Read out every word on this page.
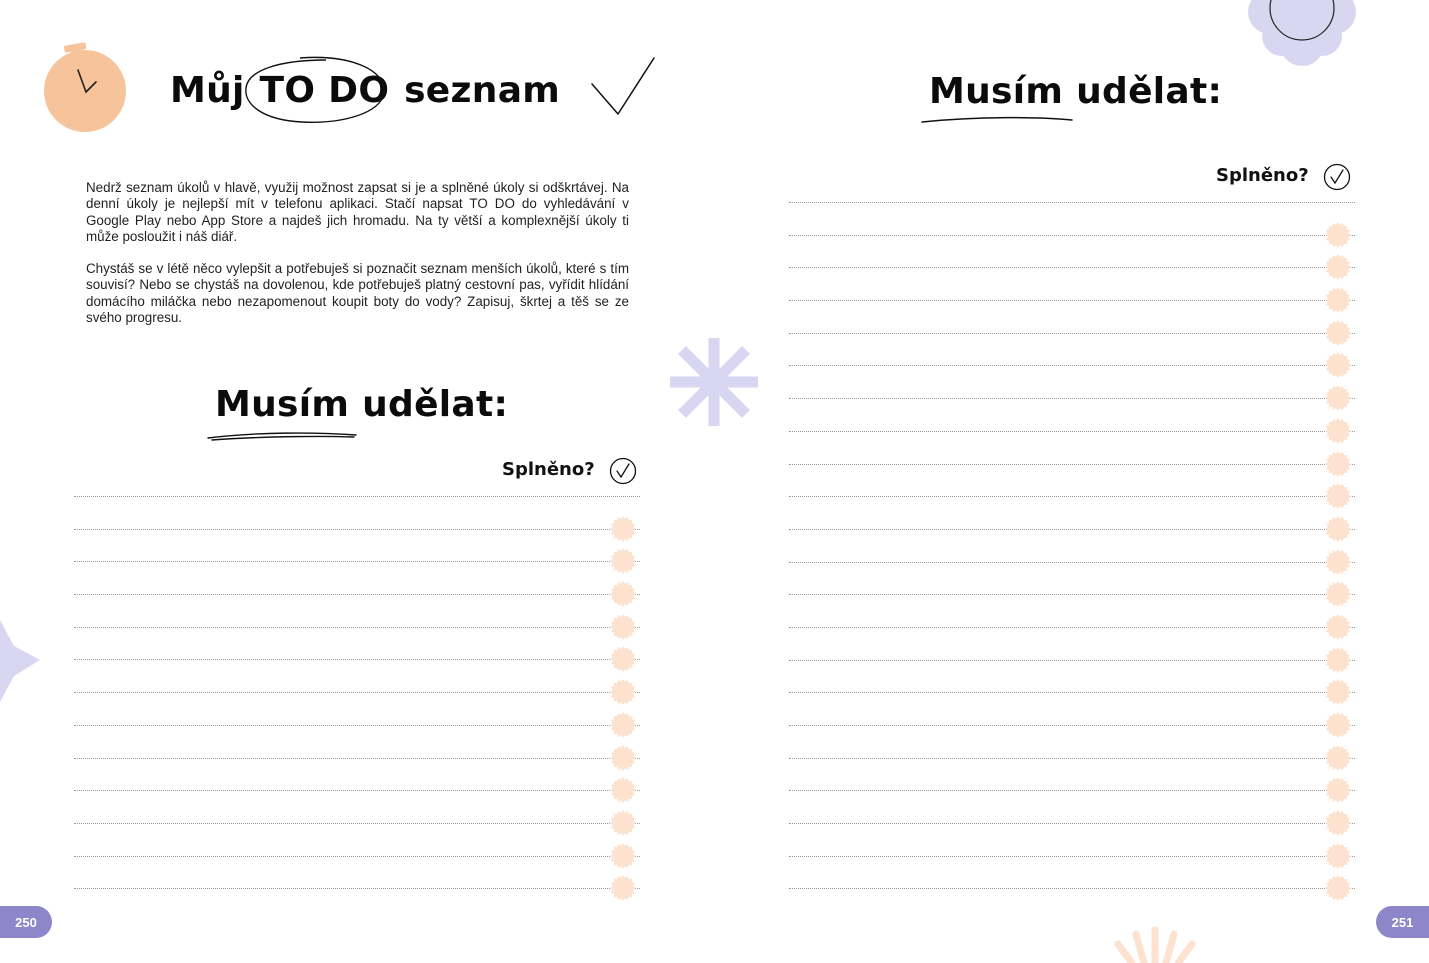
Můj TO DO seznam

Nedrž seznam úkolů v hlavě, využij možnost zapsat si je a splněné úkoly si odškrtávej. Na denní úkoly je nejlepší mít v telefonu aplikaci. Stačí napsat TO DO do vyhledávání v Google Play nebo App Store a najdeš jich hromadu. Na ty větší a komplexnější úkoly ti může posloužit i náš diář.

Chystáš se v létě něco vylepšit a potřebuješ si poznačit seznam menších úkolů, které s tím souvisí? Nebo se chystáš na dovolenou, kde potřebuješ platný cestovní pas, vyřídit hlídání domácího miláčka nebo nezapomenout koupit boty do vody? Zapisuj, škrtej a těš se ze svého progresu.

Musím udělat:
Splněno?
Musím udělat:
Splněno?
250	251
